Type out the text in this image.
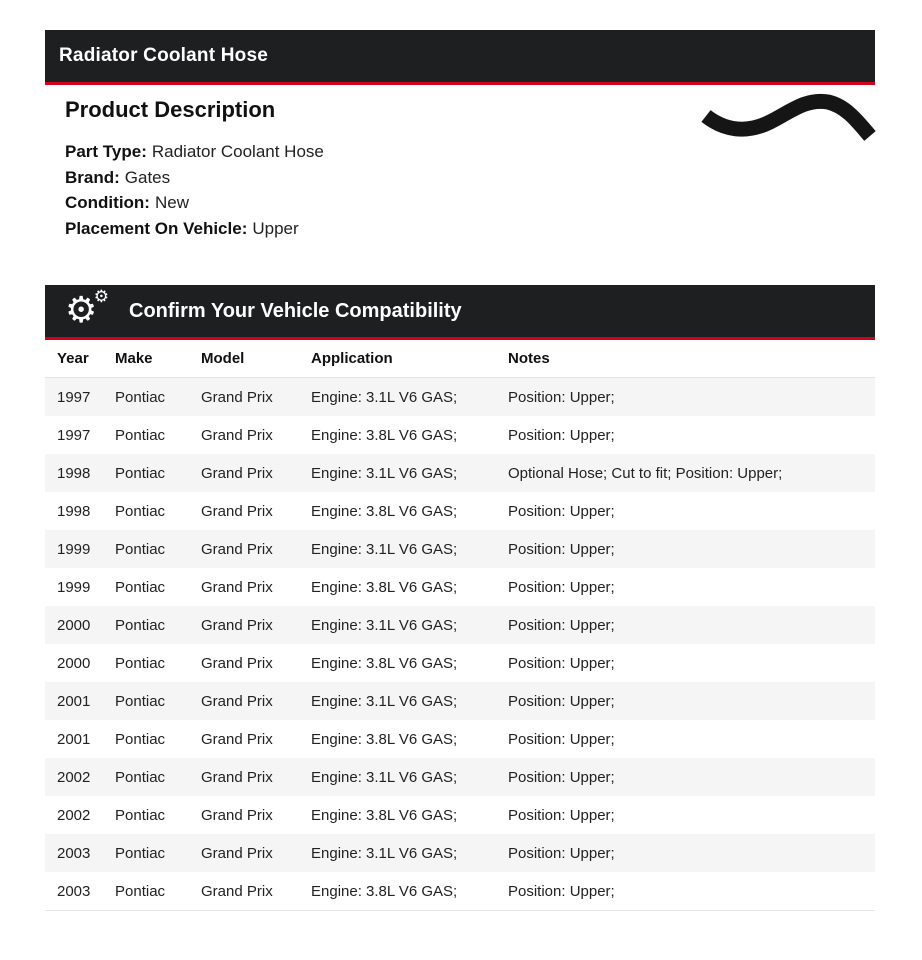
Radiator Coolant Hose
Product Description
Part Type: Radiator Coolant Hose
Brand: Gates
Condition: New
Placement On Vehicle: Upper
⚙
⚙
Confirm Your Vehicle Compatibility
Year	Make	Model	Application	Notes
1997	Pontiac	Grand Prix	Engine: 3.1L V6 GAS;	Position: Upper;
1997	Pontiac	Grand Prix	Engine: 3.8L V6 GAS;	Position: Upper;
1998	Pontiac	Grand Prix	Engine: 3.1L V6 GAS;	Optional Hose; Cut to fit; Position: Upper;
1998	Pontiac	Grand Prix	Engine: 3.8L V6 GAS;	Position: Upper;
1999	Pontiac	Grand Prix	Engine: 3.1L V6 GAS;	Position: Upper;
1999	Pontiac	Grand Prix	Engine: 3.8L V6 GAS;	Position: Upper;
2000	Pontiac	Grand Prix	Engine: 3.1L V6 GAS;	Position: Upper;
2000	Pontiac	Grand Prix	Engine: 3.8L V6 GAS;	Position: Upper;
2001	Pontiac	Grand Prix	Engine: 3.1L V6 GAS;	Position: Upper;
2001	Pontiac	Grand Prix	Engine: 3.8L V6 GAS;	Position: Upper;
2002	Pontiac	Grand Prix	Engine: 3.1L V6 GAS;	Position: Upper;
2002	Pontiac	Grand Prix	Engine: 3.8L V6 GAS;	Position: Upper;
2003	Pontiac	Grand Prix	Engine: 3.1L V6 GAS;	Position: Upper;
2003	Pontiac	Grand Prix	Engine: 3.8L V6 GAS;	Position: Upper;
